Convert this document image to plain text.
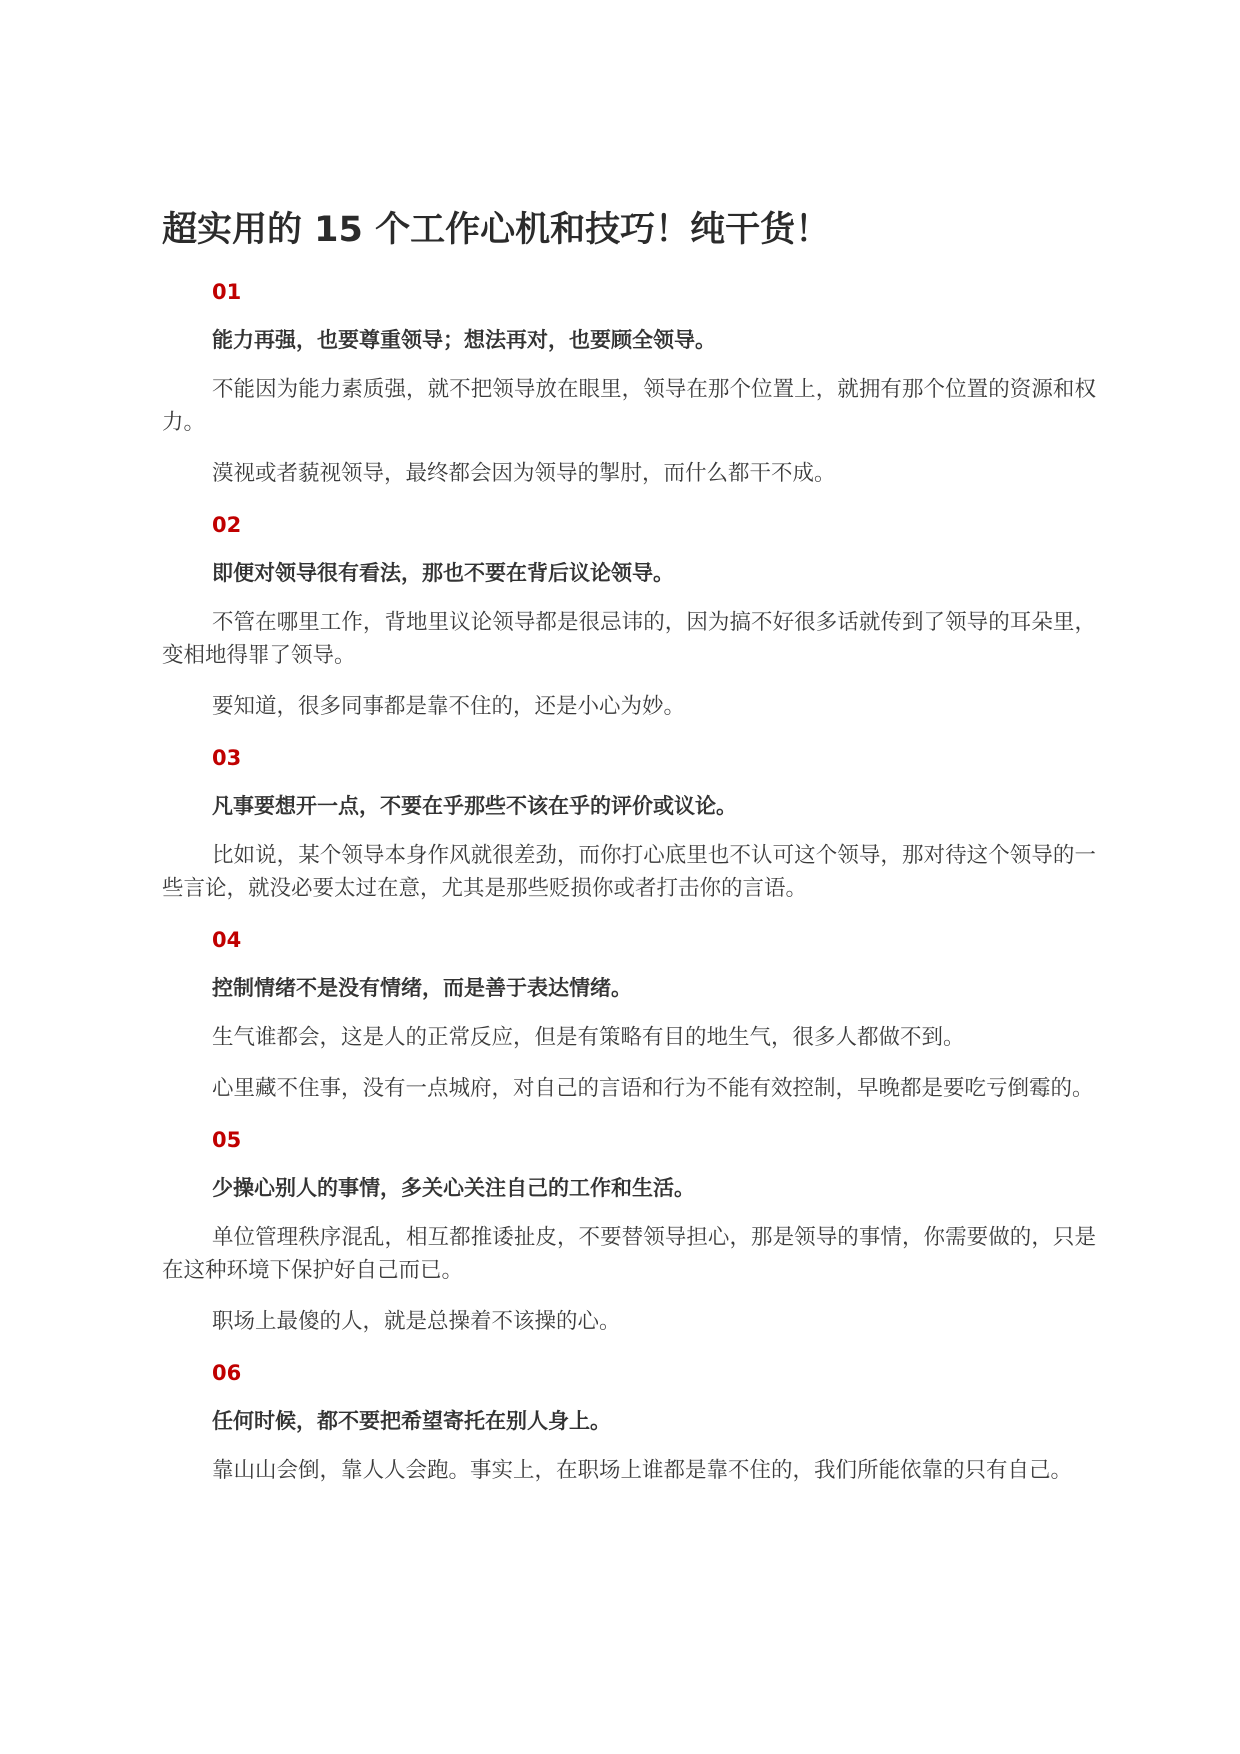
超实用的 15 个工作心机和技巧！纯干货！
01
能力再强，也要尊重领导；想法再对，也要顾全领导。

不能因为能力素质强，就不把领导放在眼里，领导在那个位置上，就拥有那个位置的资源和权力。

漠视或者藐视领导，最终都会因为领导的掣肘，而什么都干不成。

02
即便对领导很有看法，那也不要在背后议论领导。

不管在哪里工作，背地里议论领导都是很忌讳的，因为搞不好很多话就传到了领导的耳朵里，变相地得罪了领导。

要知道，很多同事都是靠不住的，还是小心为妙。

03
凡事要想开一点，不要在乎那些不该在乎的评价或议论。

比如说，某个领导本身作风就很差劲，而你打心底里也不认可这个领导，那对待这个领导的一些言论，就没必要太过在意，尤其是那些贬损你或者打击你的言语。

04
控制情绪不是没有情绪，而是善于表达情绪。

生气谁都会，这是人的正常反应，但是有策略有目的地生气，很多人都做不到。

心里藏不住事，没有一点城府，对自己的言语和行为不能有效控制，早晚都是要吃亏倒霉的。

05
少操心别人的事情，多关心关注自己的工作和生活。

单位管理秩序混乱，相互都推诿扯皮，不要替领导担心，那是领导的事情，你需要做的，只是在这种环境下保护好自己而已。

职场上最傻的人，就是总操着不该操的心。

06
任何时候，都不要把希望寄托在别人身上。

靠山山会倒，靠人人会跑。事实上，在职场上谁都是靠不住的，我们所能依靠的只有自己。
